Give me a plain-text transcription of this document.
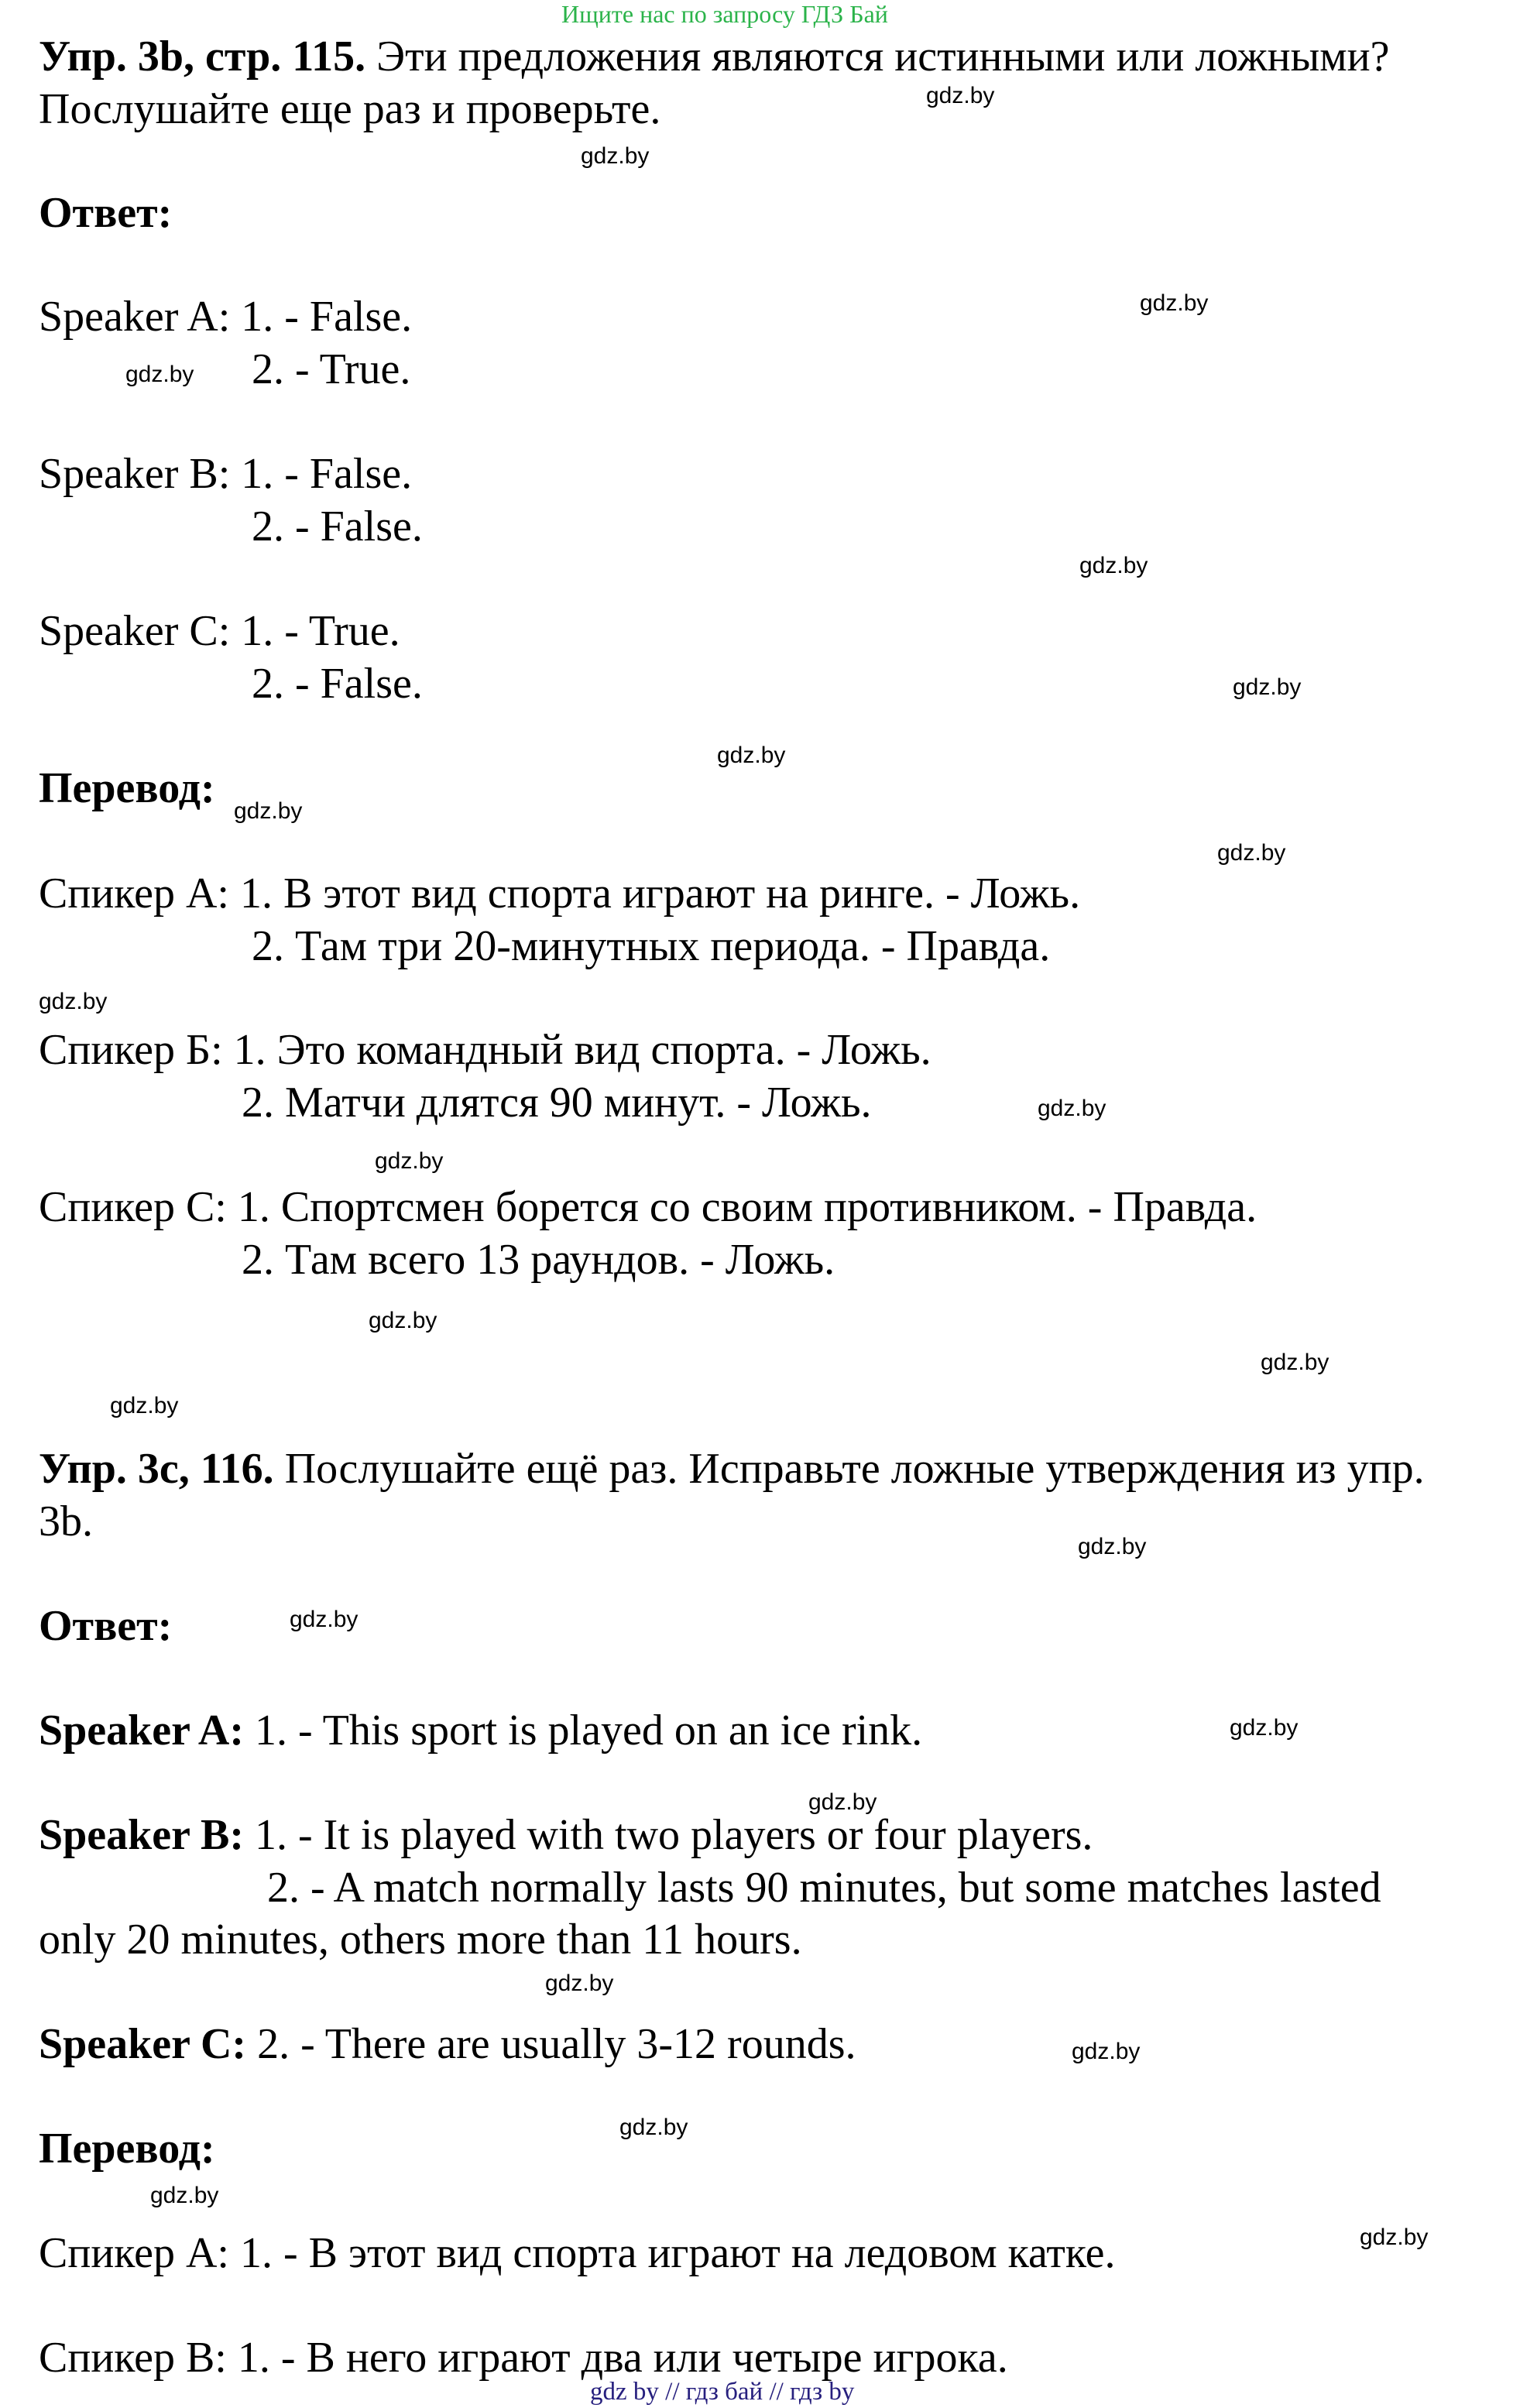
Ищите нас по запросу ГДЗ Бай
Упр. 3b, стр. 115. Эти предложения являются истинными или ложными?
Послушайте еще раз и проверьте.
Ответ:
Speaker A: 1. - False.
2. - True.
Speaker B: 1. - False.
2. - False.
Speaker C: 1. - True.
2. - False.
Перевод:
Спикер А: 1. В этот вид спорта играют на ринге. - Ложь.
2. Там три 20-минутных периода. - Правда.
Спикер Б: 1. Это командный вид спорта. - Ложь.
2. Матчи длятся 90 минут. - Ложь.
Спикер С: 1. Спортсмен борется со своим противником. - Правда.
2. Там всего 13 раундов. - Ложь.
Упр. 3c, 116. Послушайте ещё раз. Исправьте ложные утверждения из упр.
3b.
Ответ:
Speaker A: 1. - This sport is played on an ice rink.
Speaker B: 1. - It is played with two players or four players.
2. - A match normally lasts 90 minutes, but some matches lasted
only 20 minutes, others more than 11 hours.
Speaker C: 2. - There are usually 3-12 rounds.
Перевод:
Спикер А: 1. - В этот вид спорта играют на ледовом катке.
Спикер В: 1. - В него играют два или четыре игрока.
gdz.by
gdz.by
gdz.by
gdz.by
gdz.by
gdz.by
gdz.by
gdz.by
gdz.by
gdz.by
gdz.by
gdz.by
gdz.by
gdz.by
gdz.by
gdz.by
gdz.by
gdz.by
gdz.by
gdz.by
gdz.by
gdz.by
gdz.by
gdz.by
gdz by // гдз бай // гдз by
